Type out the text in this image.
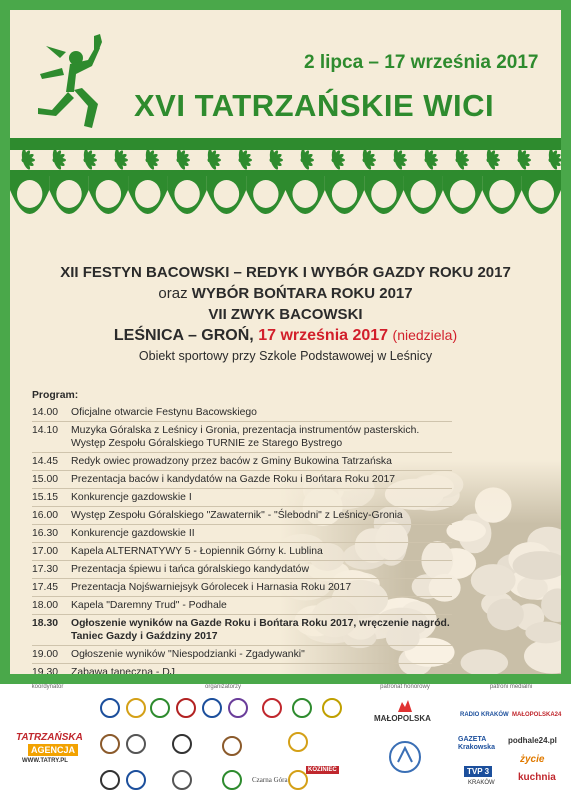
2 lipca – 17 września 2017
XVI TATRZAŃSKIE WICI
XII FESTYN BACOWSKI – REDYK I WYBÓR GAZDY ROKU 2017
oraz WYBÓR BOŃTARA ROKU 2017
VII ZWYK BACOWSKI
LEŚNICA – GROŃ, 17 września 2017 (niedziela)
Obiekt sportowy przy Szkole Podstawowej w Leśnicy
Program:
14.00	Oficjalne otwarcie Festynu Bacowskiego
14.10	Muzyka Góralska z Leśnicy i Gronia, prezentacja instrumentów pasterskich.
Występ Zespołu Góralskiego TURNIE ze Starego Bystrego
14.45	Redyk owiec prowadzony przez baców z Gminy Bukowina Tatrzańska
15.00	Prezentacja baców i kandydatów na Gazde Roku i Bońtara Roku 2017
15.15	Konkurencje gazdowskie I
16.00	Występ Zespołu Góralskiego "Zawaternik" - "Ślebodni" z Leśnicy-Gronia
16.30	Konkurencje gazdowskie II
17.00	Kapela ALTERNATYWY 5 - Łopiennik Górny k. Lublina
17.30	Prezentacja śpiewu i tańca góralskiego kandydatów
17.45	Prezentacja Nojśwarniejsyk Górolecek i Harnasia Roku 2017
18.00	Kapela "Daremny Trud" - Podhale
18.30	Ogłoszenie wyników na Gazde Roku i Bońtara Roku 2017, wręczenie nagród.
Taniec Gazdy i Gaździny 2017
19.00	Ogłoszenie wyników "Niespodzianki - Zgadywanki"
19.30	Zabawa taneczna - DJ
koordynator
TATRZAŃSKA
AGENCJA
WWW.TATRY.PL
organizatorzy
Czarna Góra
KOZINIEC
patronat honorowy
MAŁOPOLSKA
patroni medialni
RADIO KRAKÓW MAŁOPOLSKA24
GAZETA Krakowska
podhale24.pl
życie
TVP 3
KRAKÓW kuchnia
